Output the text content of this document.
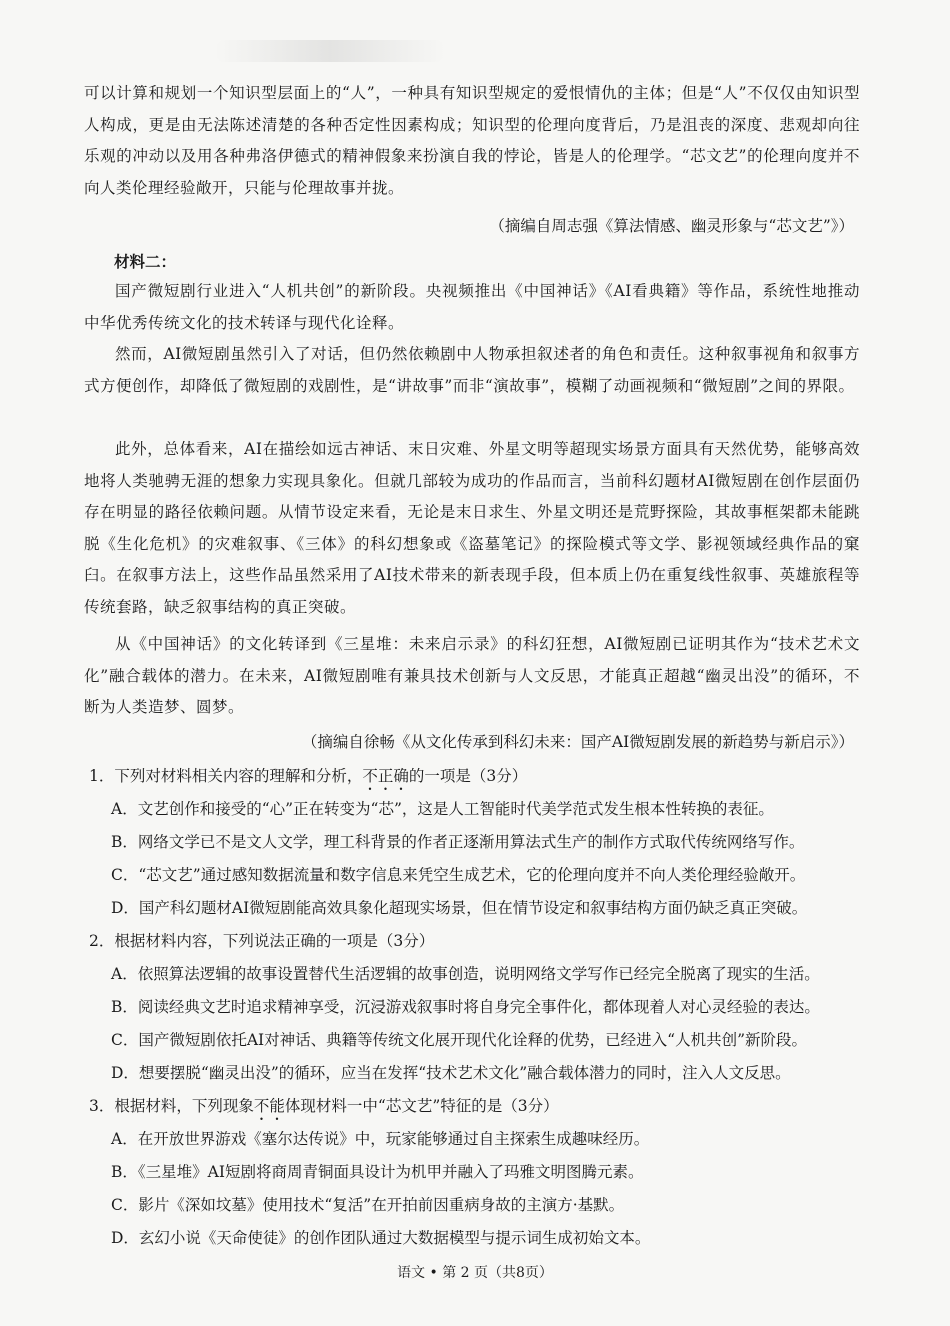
可以计算和规划一个知识型层面上的“人”，一种具有知识型规定的爱恨情仇的主体；但是“人”不仅仅由知识型人构成，更是由无法陈述清楚的各种否定性因素构成；知识型的伦理向度背后，乃是沮丧的深度、悲观却向往乐观的冲动以及用各种弗洛伊德式的精神假象来扮演自我的悖论，皆是人的伦理学。“芯文艺”的伦理向度并不向人类伦理经验敞开，只能与伦理故事并拢。
（摘编自周志强《算法情感、幽灵形象与“芯文艺”》）
材料二：
国产微短剧行业进入“人机共创”的新阶段。央视频推出《中国神话》《AI看典籍》等作品，系统性地推动中华优秀传统文化的技术转译与现代化诠释。
然而，AI微短剧虽然引入了对话，但仍然依赖剧中人物承担叙述者的角色和责任。这种叙事视角和叙事方式方便创作，却降低了微短剧的戏剧性，是“讲故事”而非“演故事”，模糊了动画视频和“微短剧”之间的界限。
此外，总体看来，AI在描绘如远古神话、末日灾难、外星文明等超现实场景方面具有天然优势，能够高效地将人类驰骋无涯的想象力实现具象化。但就几部较为成功的作品而言，当前科幻题材AI微短剧在创作层面仍存在明显的路径依赖问题。从情节设定来看，无论是末日求生、外星文明还是荒野探险，其故事框架都未能跳脱《生化危机》的灾难叙事、《三体》的科幻想象或《盗墓笔记》的探险模式等文学、影视领域经典作品的窠臼。在叙事方法上，这些作品虽然采用了AI技术带来的新表现手段，但本质上仍在重复线性叙事、英雄旅程等传统套路，缺乏叙事结构的真正突破。
从《中国神话》的文化转译到《三星堆：未来启示录》的科幻狂想，AI微短剧已证明其作为“技术艺术文化”融合载体的潜力。在未来，AI微短剧唯有兼具技术创新与人文反思，才能真正超越“幽灵出没”的循环，不断为人类造梦、圆梦。
（摘编自徐畅《从文化传承到科幻未来：国产AI微短剧发展的新趋势与新启示》）
1．下列对材料相关内容的理解和分析，不正确的一项是（3分）
A．文艺创作和接受的“心”正在转变为“芯”，这是人工智能时代美学范式发生根本性转换的表征。
B．网络文学已不是文人文学，理工科背景的作者正逐渐用算法式生产的制作方式取代传统网络写作。
C．“芯文艺”通过感知数据流量和数字信息来凭空生成艺术，它的伦理向度并不向人类伦理经验敞开。
D．国产科幻题材AI微短剧能高效具象化超现实场景，但在情节设定和叙事结构方面仍缺乏真正突破。
2．根据材料内容，下列说法正确的一项是（3分）
A．依照算法逻辑的故事设置替代生活逻辑的故事创造，说明网络文学写作已经完全脱离了现实的生活。
B．阅读经典文艺时追求精神享受，沉浸游戏叙事时将自身完全事件化，都体现着人对心灵经验的表达。
C．国产微短剧依托AI对神话、典籍等传统文化展开现代化诠释的优势，已经进入“人机共创”新阶段。
D．想要摆脱“幽灵出没”的循环，应当在发挥“技术艺术文化”融合载体潜力的同时，注入人文反思。
3．根据材料，下列现象不能体现材料一中“芯文艺”特征的是（3分）
A．在开放世界游戏《塞尔达传说》中，玩家能够通过自主探索生成趣味经历。
B．《三星堆》AI短剧将商周青铜面具设计为机甲并融入了玛雅文明图腾元素。
C．影片《深如坟墓》使用技术“复活”在开拍前因重病身故的主演方·基默。
D．玄幻小说《天命使徒》的创作团队通过大数据模型与提示词生成初始文本。
语文 • 第 2 页（共8页）
